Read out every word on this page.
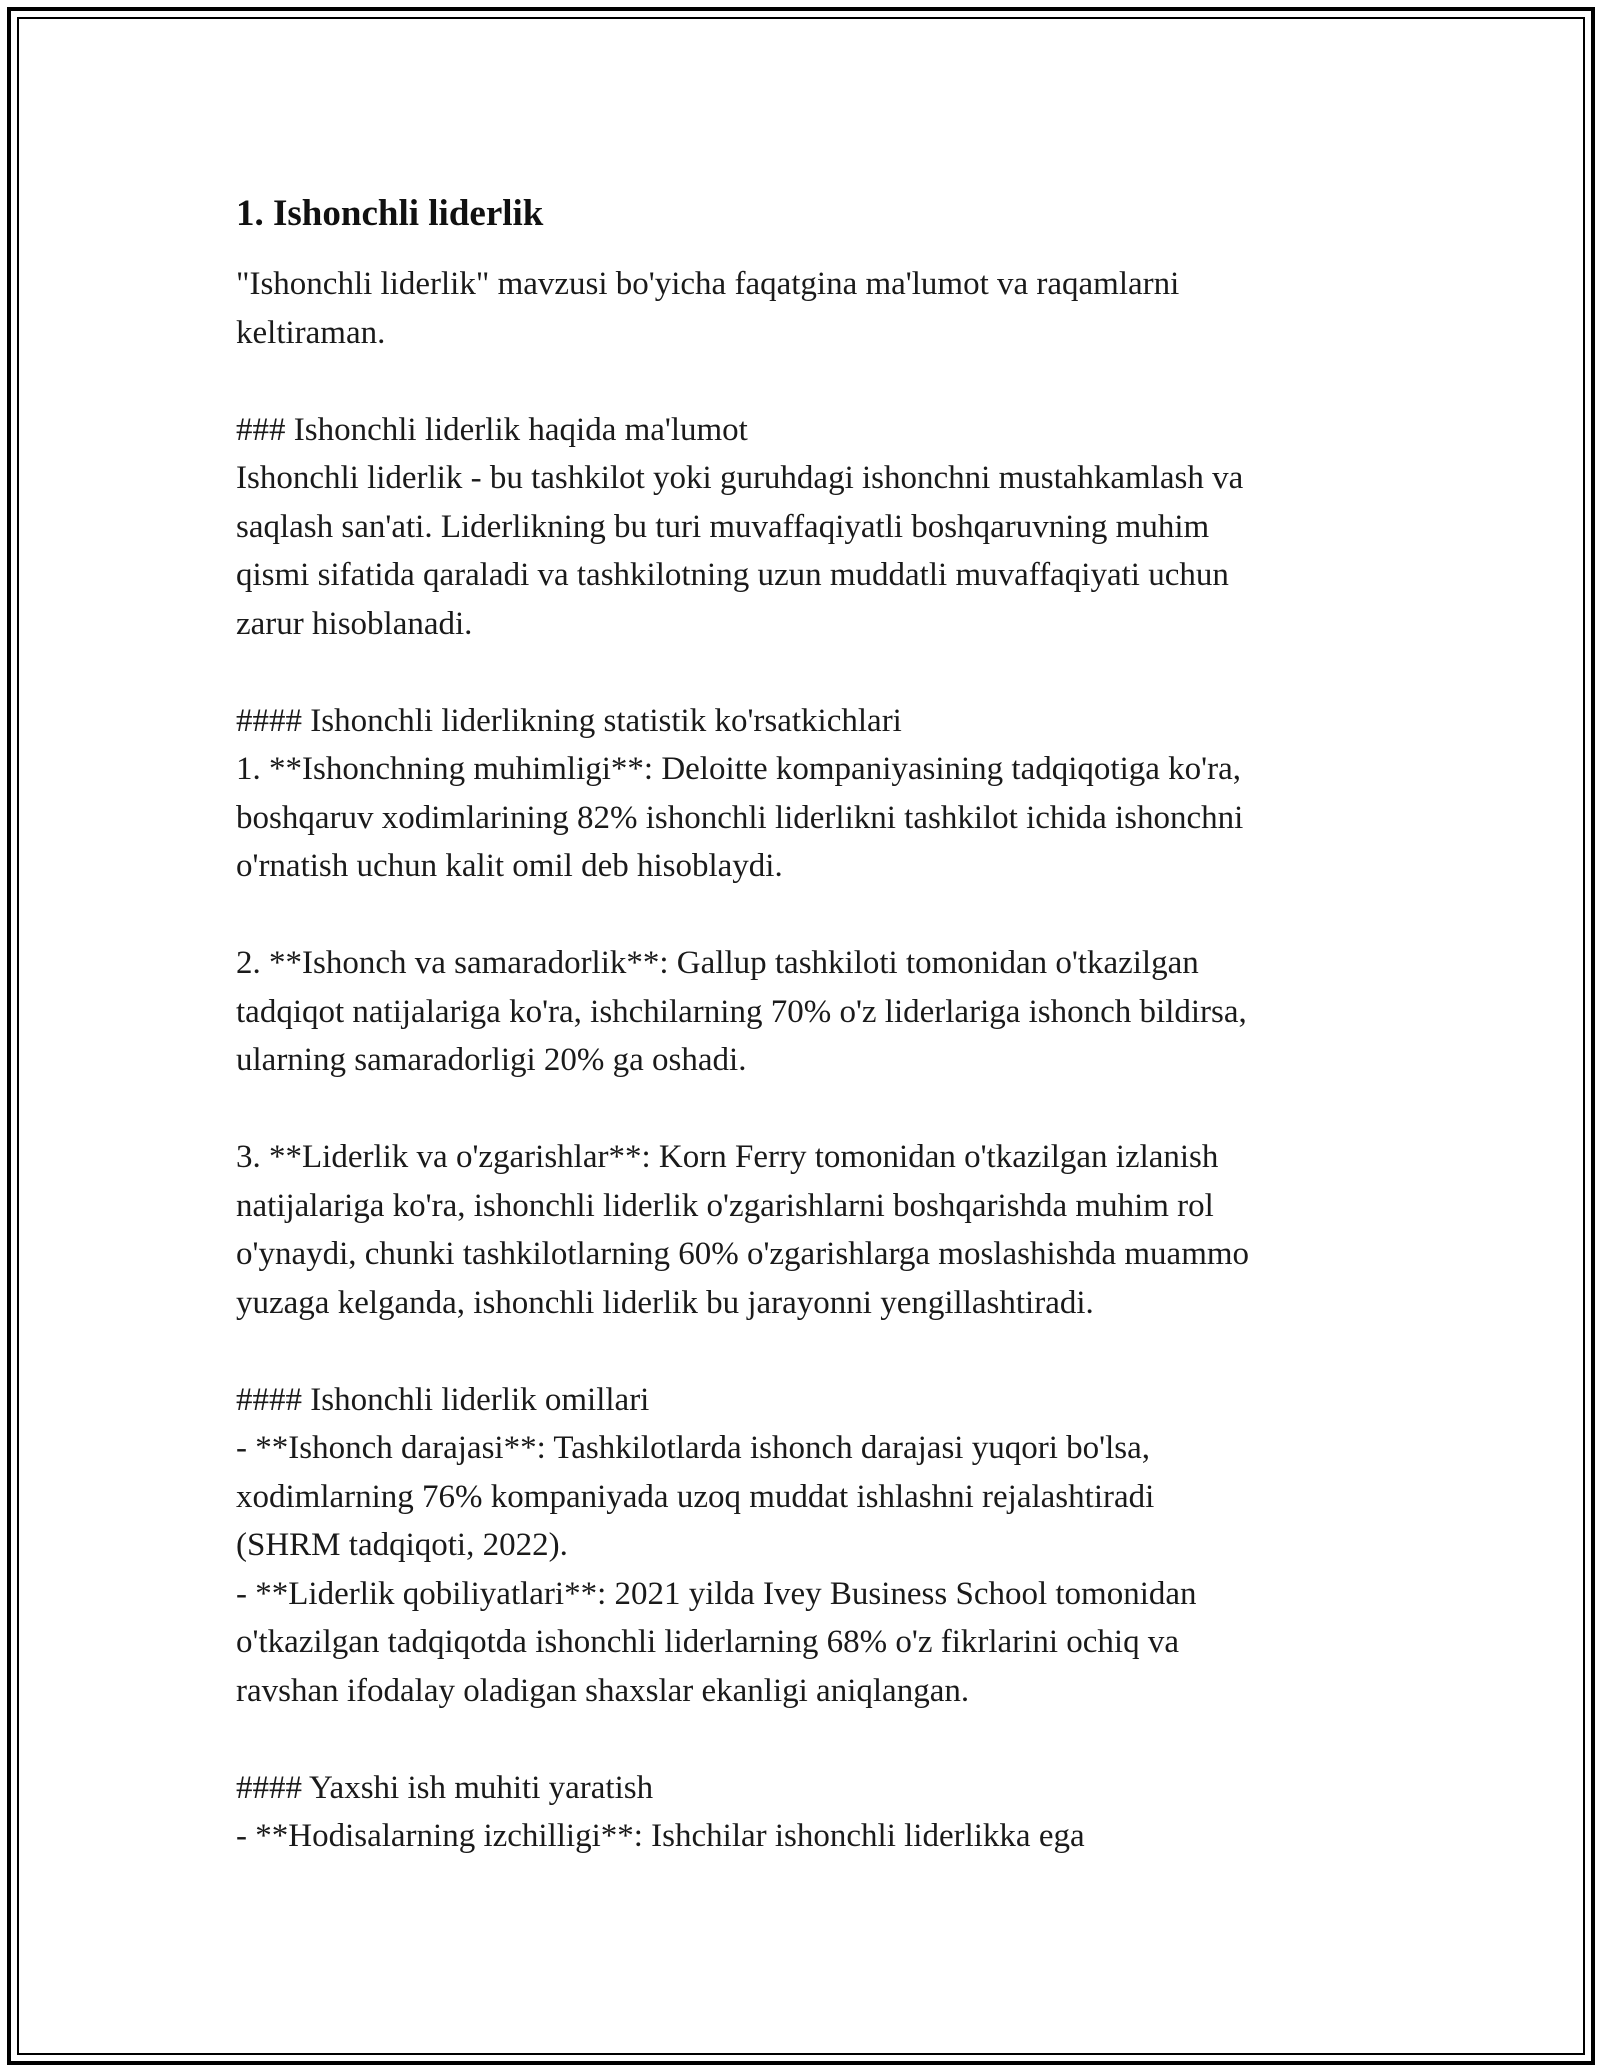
1. Ishonchli liderlik

"Ishonchli liderlik" mavzusi bo'yicha faqatgina ma'lumot va raqamlarni
keltiraman.

### Ishonchli liderlik haqida ma'lumot
Ishonchli liderlik - bu tashkilot yoki guruhdagi ishonchni mustahkamlash va
saqlash san'ati. Liderlikning bu turi muvaffaqiyatli boshqaruvning muhim
qismi sifatida qaraladi va tashkilotning uzun muddatli muvaffaqiyati uchun
zarur hisoblanadi.

#### Ishonchli liderlikning statistik ko'rsatkichlari
1. **Ishonchning muhimligi**: Deloitte kompaniyasining tadqiqotiga ko'ra,
boshqaruv xodimlarining 82% ishonchli liderlikni tashkilot ichida ishonchni
o'rnatish uchun kalit omil deb hisoblaydi.

2. **Ishonch va samaradorlik**: Gallup tashkiloti tomonidan o'tkazilgan
tadqiqot natijalariga ko'ra, ishchilarning 70% o'z liderlariga ishonch bildirsa,
ularning samaradorligi 20% ga oshadi.

3. **Liderlik va o'zgarishlar**: Korn Ferry tomonidan o'tkazilgan izlanish
natijalariga ko'ra, ishonchli liderlik o'zgarishlarni boshqarishda muhim rol
o'ynaydi, chunki tashkilotlarning 60% o'zgarishlarga moslashishda muammo
yuzaga kelganda, ishonchli liderlik bu jarayonni yengillashtiradi.

#### Ishonchli liderlik omillari
- **Ishonch darajasi**: Tashkilotlarda ishonch darajasi yuqori bo'lsa,
xodimlarning 76% kompaniyada uzoq muddat ishlashni rejalashtiradi
(SHRM tadqiqoti, 2022).
- **Liderlik qobiliyatlari**: 2021 yilda Ivey Business School tomonidan
o'tkazilgan tadqiqotda ishonchli liderlarning 68% o'z fikrlarini ochiq va
ravshan ifodalay oladigan shaxslar ekanligi aniqlangan.

#### Yaxshi ish muhiti yaratish
- **Hodisalarning izchilligi**: Ishchilar ishonchli liderlikka ega
